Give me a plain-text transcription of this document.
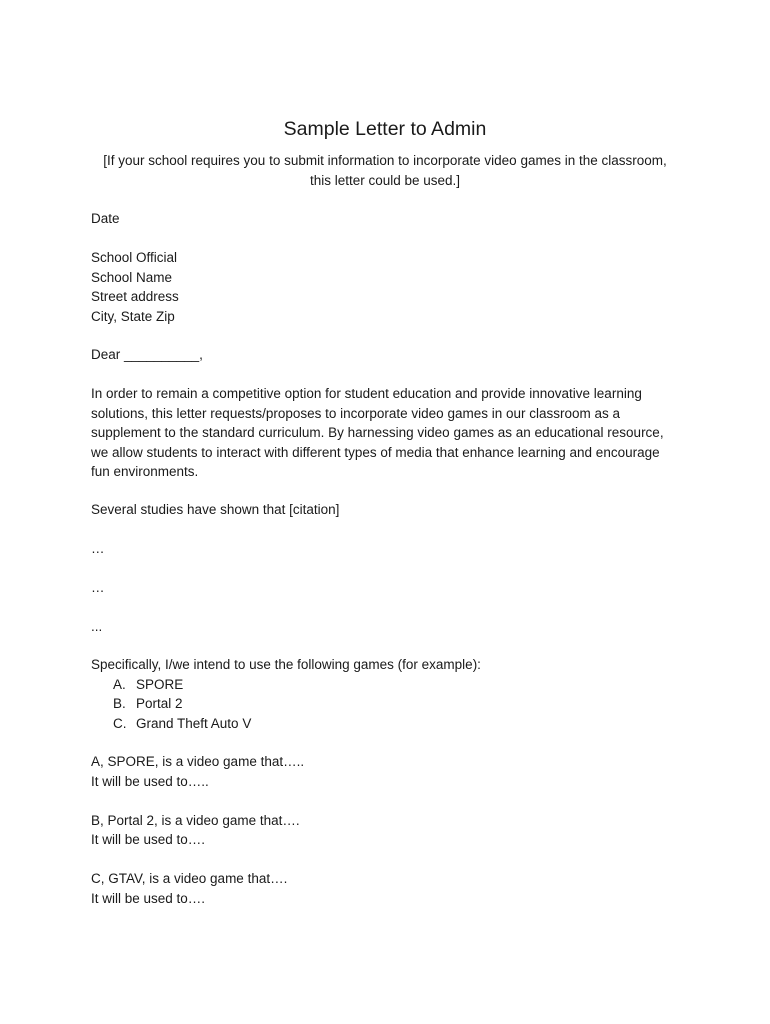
Sample Letter to Admin
[If your school requires you to submit information to incorporate video games in the classroom,
this letter could be used.]

Date

School Official

School Name

Street address

City, State Zip

Dear __________,

In order to remain a competitive option for student education and provide innovative learning
solutions, this letter requests/proposes to incorporate video games in our classroom as a
supplement to the standard curriculum. By harnessing video games as an educational resource,
we allow students to interact with different types of media that enhance learning and encourage
fun environments.

Several studies have shown that [citation]

…

…

...

Specifically, I/we intend to use the following games (for example):

A. SPORE

B. Portal 2

C. Grand Theft Auto V

A, SPORE, is a video game that…..

It will be used to…..

B, Portal 2, is a video game that….

It will be used to….

C, GTAV, is a video game that….

It will be used to….
